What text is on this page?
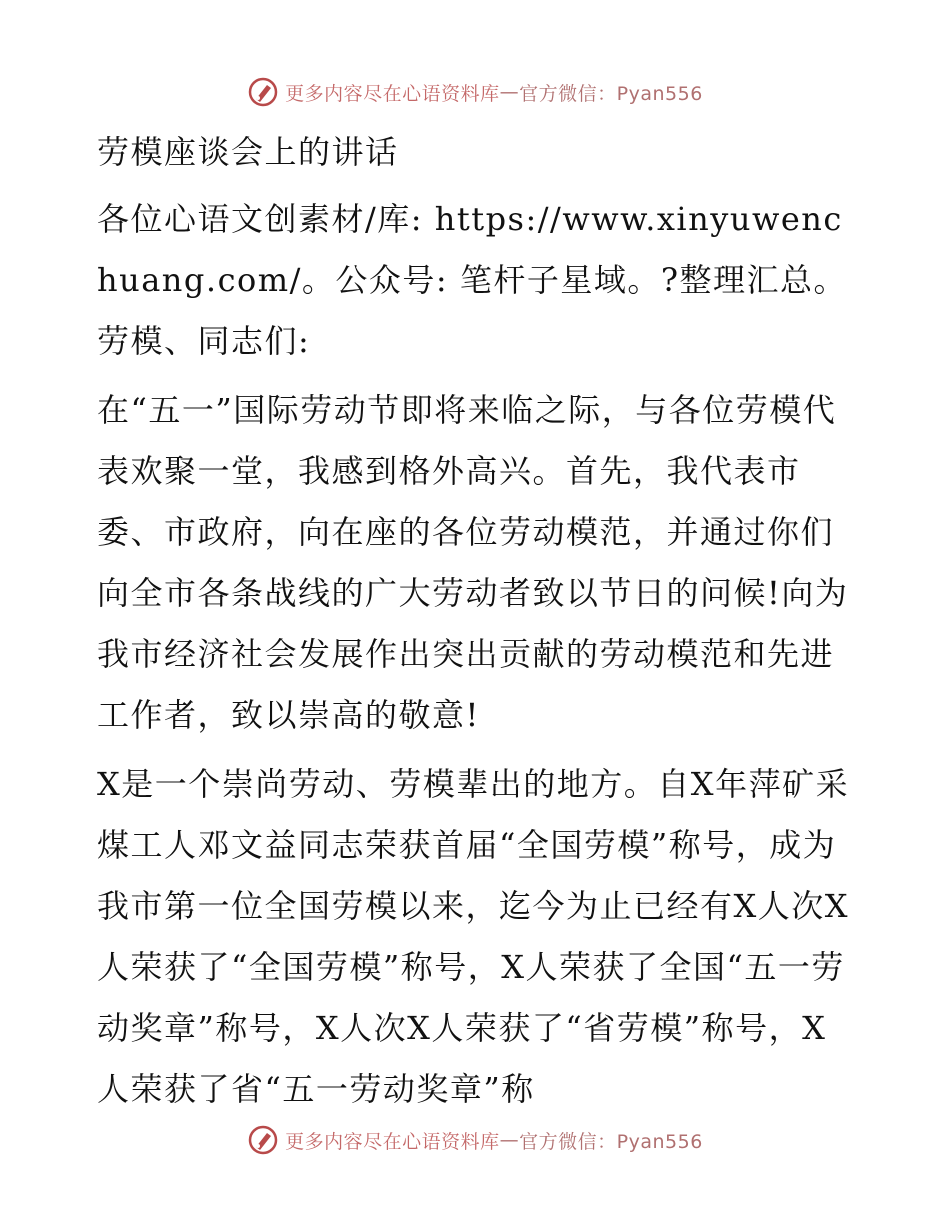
更多内容尽在心语资料库 — 官方微信：Pyan556

劳模座谈会上的讲话

各位心语文创素材/库: https://www.xinyuwenchuang.com/。公众号: 笔杆子星域。?整理汇总。劳模、同志们:

在“五一”国际劳动节即将来临之际，与各位劳模代表欢聚一堂，我感到格外高兴。首先，我代表市委、市政府，向在座的各位劳动模范，并通过你们向全市各条战线的广大劳动者致以节日的问候!向为我市经济社会发展作出突出贡献的劳动模范和先进工作者，致以崇高的敬意!

X是一个崇尚劳动、劳模辈出的地方。自X年萍矿采煤工人邓文益同志荣获首届“全国劳模”称号，成为我市第一位全国劳模以来，迄今为止已经有X人次X人荣获了“全国劳模”称号，X人荣获了全国“五一劳动奖章”称号，X人次X人荣获了“省劳模”称号，X人荣获了省“五一劳动奖章”称

更多内容尽在心语资料库 — 官方微信：Pyan556
